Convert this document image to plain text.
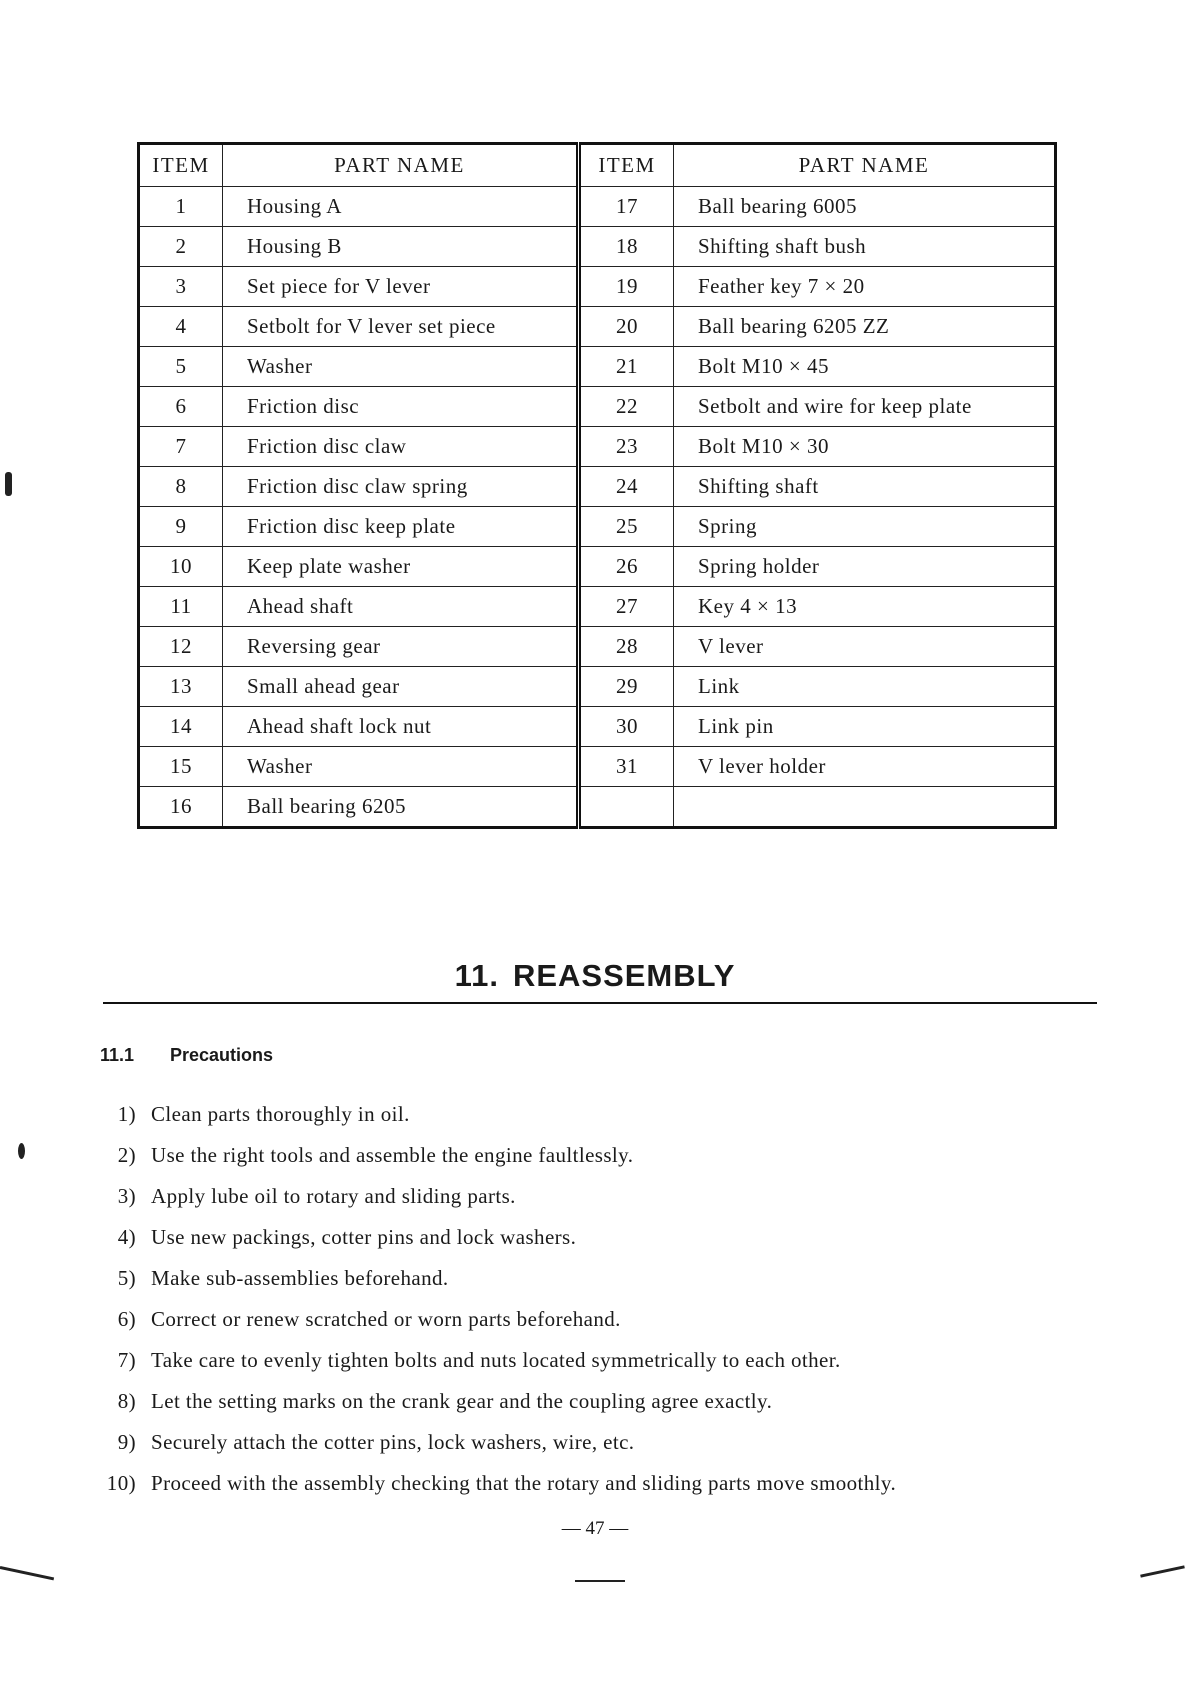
ITEM	PART NAME	ITEM	PART NAME
1	Housing A	17	Ball bearing 6005
2	Housing B	18	Shifting shaft bush
3	Set piece for V lever	19	Feather key 7 × 20
4	Setbolt for V lever set piece	20	Ball bearing 6205 ZZ
5	Washer	21	Bolt M10 × 45
6	Friction disc	22	Setbolt and wire for keep plate
7	Friction disc claw	23	Bolt M10 × 30
8	Friction disc claw spring	24	Shifting shaft
9	Friction disc keep plate	25	Spring
10	Keep plate washer	26	Spring holder
11	Ahead shaft	27	Key 4 × 13
12	Reversing gear	28	V lever
13	Small ahead gear	29	Link
14	Ahead shaft lock nut	30	Link pin
15	Washer	31	V lever holder
16	Ball bearing 6205		
11. REASSEMBLY
11.1 Precautions
1) Clean parts thoroughly in oil.
2) Use the right tools and assemble the engine faultlessly.
3) Apply lube oil to rotary and sliding parts.
4) Use new packings, cotter pins and lock washers.
5) Make sub-assemblies beforehand.
6) Correct or renew scratched or worn parts beforehand.
7) Take care to evenly tighten bolts and nuts located symmetrically to each other.
8) Let the setting marks on the crank gear and the coupling agree exactly.
9) Securely attach the cotter pins, lock washers, wire, etc.
10) Proceed with the assembly checking that the rotary and sliding parts move smoothly.
— 47 —
